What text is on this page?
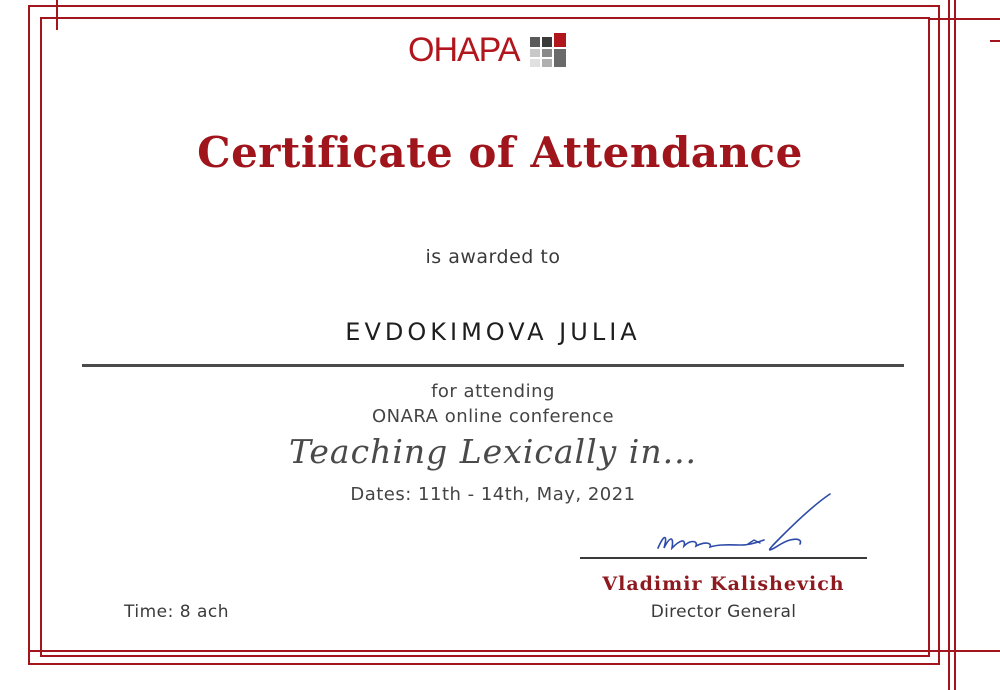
OHAPA
Certificate of Attendance
is awarded to
EVDOKIMOVA JULIA
for attending
ONARA online conference
Teaching Lexically in...
Dates: 11th - 14th, May, 2021
Vladimir Kalishevich
Director General
Time: 8 ach
